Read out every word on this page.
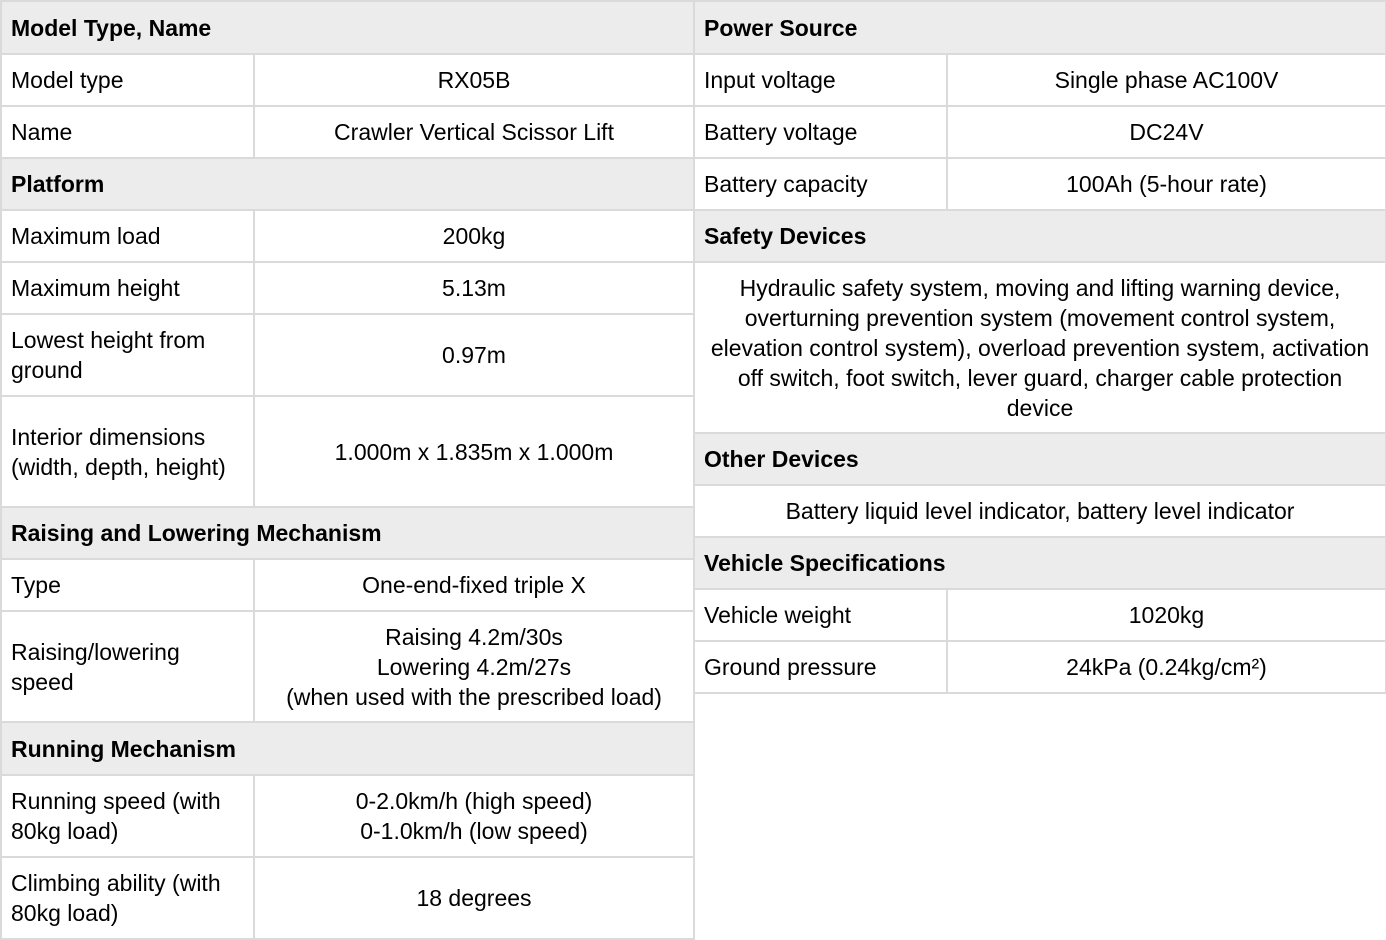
Model Type, Name	
Model type	RX05B
Name	Crawler Vertical Scissor Lift
Platform	
Maximum load	200kg
Maximum height	5.13m
Lowest height from ground	0.97m
Interior dimensions (width, depth, height)	1.000m x 1.835m x 1.000m
Raising and Lowering Mechanism	
Type	One-end-fixed triple X
Raising/lowering speed	Raising 4.2m/30s
Lowering 4.2m/27s
(when used with the prescribed load)
Running Mechanism	
Running speed (with 80kg load)	0-2.0km/h (high speed)
0-1.0km/h (low speed)
Climbing ability (with 80kg load)	18 degrees
Power Source	
Input voltage	Single phase AC100V
Battery voltage	DC24V
Battery capacity	100Ah (5-hour rate)
Safety Devices	
Hydraulic safety system, moving and lifting warning device, overturning prevention system (movement control system, elevation control system), overload prevention system, activation off switch, foot switch, lever guard, charger cable protection device	
Other Devices	
Battery liquid level indicator, battery level indicator	
Vehicle Specifications	
Vehicle weight	1020kg
Ground pressure	24kPa (0.24kg/cm²)
